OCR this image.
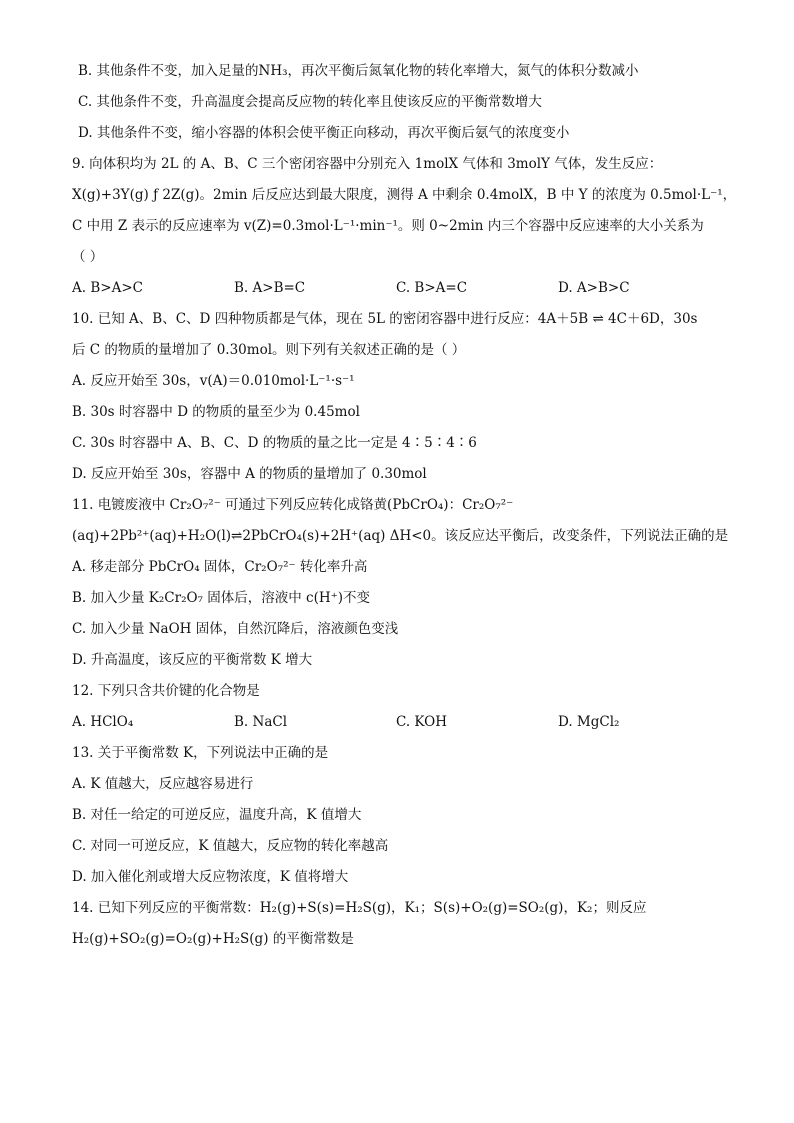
B. 其他条件不变，加入足量的NH₃，再次平衡后氮氧化物的转化率增大，氮气的体积分数减小
C. 其他条件不变，升高温度会提高反应物的转化率且使该反应的平衡常数增大
D. 其他条件不变，缩小容器的体积会使平衡正向移动，再次平衡后氨气的浓度变小
9. 向体积均为 2L 的 A、B、C 三个密闭容器中分别充入 1molX 气体和 3molY 气体，发生反应：
X(g)+3Y(g) ƒ 2Z(g)。2min 后反应达到最大限度，测得 A 中剩余 0.4molX，B 中 Y 的浓度为 0.5mol·L⁻¹，
C 中用 Z 表示的反应速率为 v(Z)=0.3mol·L⁻¹·min⁻¹。则 0~2min 内三个容器中反应速率的大小关系为
（ ）
A. B>A>C	B. A>B=C	C. B>A=C	D. A>B>C
10. 已知 A、B、C、D 四种物质都是气体，现在 5L 的密闭容器中进行反应：4A＋5B ⇌ 4C＋6D，30s
后 C 的物质的量增加了 0.30mol。则下列有关叙述正确的是（ ）
A. 反应开始至 30s，v(A)＝0.010mol·L⁻¹·s⁻¹
B. 30s 时容器中 D 的物质的量至少为 0.45mol
C. 30s 时容器中 A、B、C、D 的物质的量之比一定是 4∶5∶4∶6
D. 反应开始至 30s，容器中 A 的物质的量增加了 0.30mol
11. 电镀废液中 Cr₂O₇²⁻ 可通过下列反应转化成铬黄(PbCrO₄)：Cr₂O₇²⁻
(aq)+2Pb²⁺(aq)+H₂O(l)⇌2PbCrO₄(s)+2H⁺(aq) ΔH<0。该反应达平衡后，改变条件，下列说法正确的是
A. 移走部分 PbCrO₄ 固体，Cr₂O₇²⁻ 转化率升高
B. 加入少量 K₂Cr₂O₇ 固体后，溶液中 c(H⁺)不变
C. 加入少量 NaOH 固体，自然沉降后，溶液颜色变浅
D. 升高温度，该反应的平衡常数 K 增大
12. 下列只含共价键的化合物是
A. HClO₄	B. NaCl	C. KOH	D. MgCl₂
13. 关于平衡常数 K，下列说法中正确的是
A. K 值越大，反应越容易进行
B. 对任一给定的可逆反应，温度升高，K 值增大
C. 对同一可逆反应，K 值越大，反应物的转化率越高
D. 加入催化剂或增大反应物浓度，K 值将增大
14. 已知下列反应的平衡常数：H₂(g)+S(s)=H₂S(g)，K₁；S(s)+O₂(g)=SO₂(g)，K₂；则反应
H₂(g)+SO₂(g)=O₂(g)+H₂S(g) 的平衡常数是
